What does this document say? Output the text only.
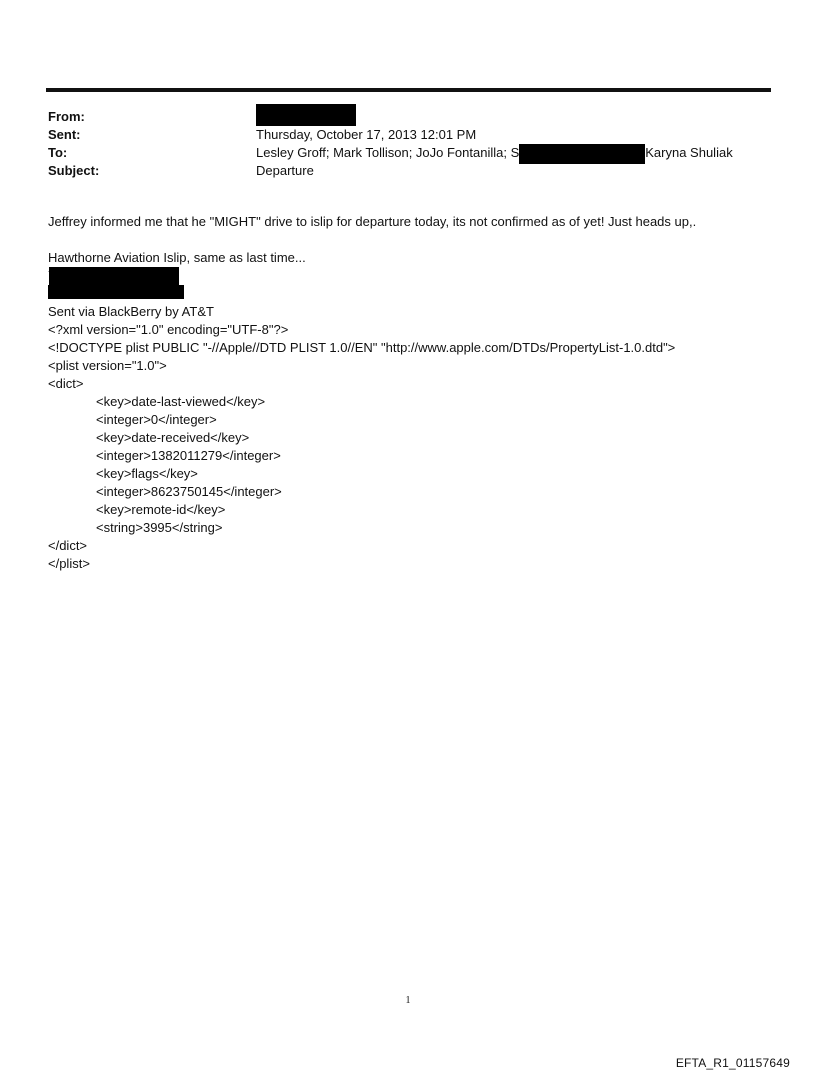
From:
Sent:	Thursday, October 17, 2013 12:01 PM
To:	Lesley Groff; Mark Tollison; JoJo Fontanilla; S	Karyna Shuliak
Subject:	Departure
Jeffrey informed me that he "MIGHT" drive to islip for departure today, its not confirmed as of yet! Just heads up,.
Hawthorne Aviation Islip, same as last time...
Sent via BlackBerry by AT&T
<?xml version="1.0" encoding="UTF-8"?>
<!DOCTYPE plist PUBLIC "-//Apple//DTD PLIST 1.0//EN" "http://www.apple.com/DTDs/PropertyList-1.0.dtd">
<plist version="1.0">
<dict>
<key>date-last-viewed</key>
<integer>0</integer>
<key>date-received</key>
<integer>1382011279</integer>
<key>flags</key>
<integer>8623750145</integer>
<key>remote-id</key>
<string>3995</string>
</dict>
</plist>
1
EFTA_R1_01157649
